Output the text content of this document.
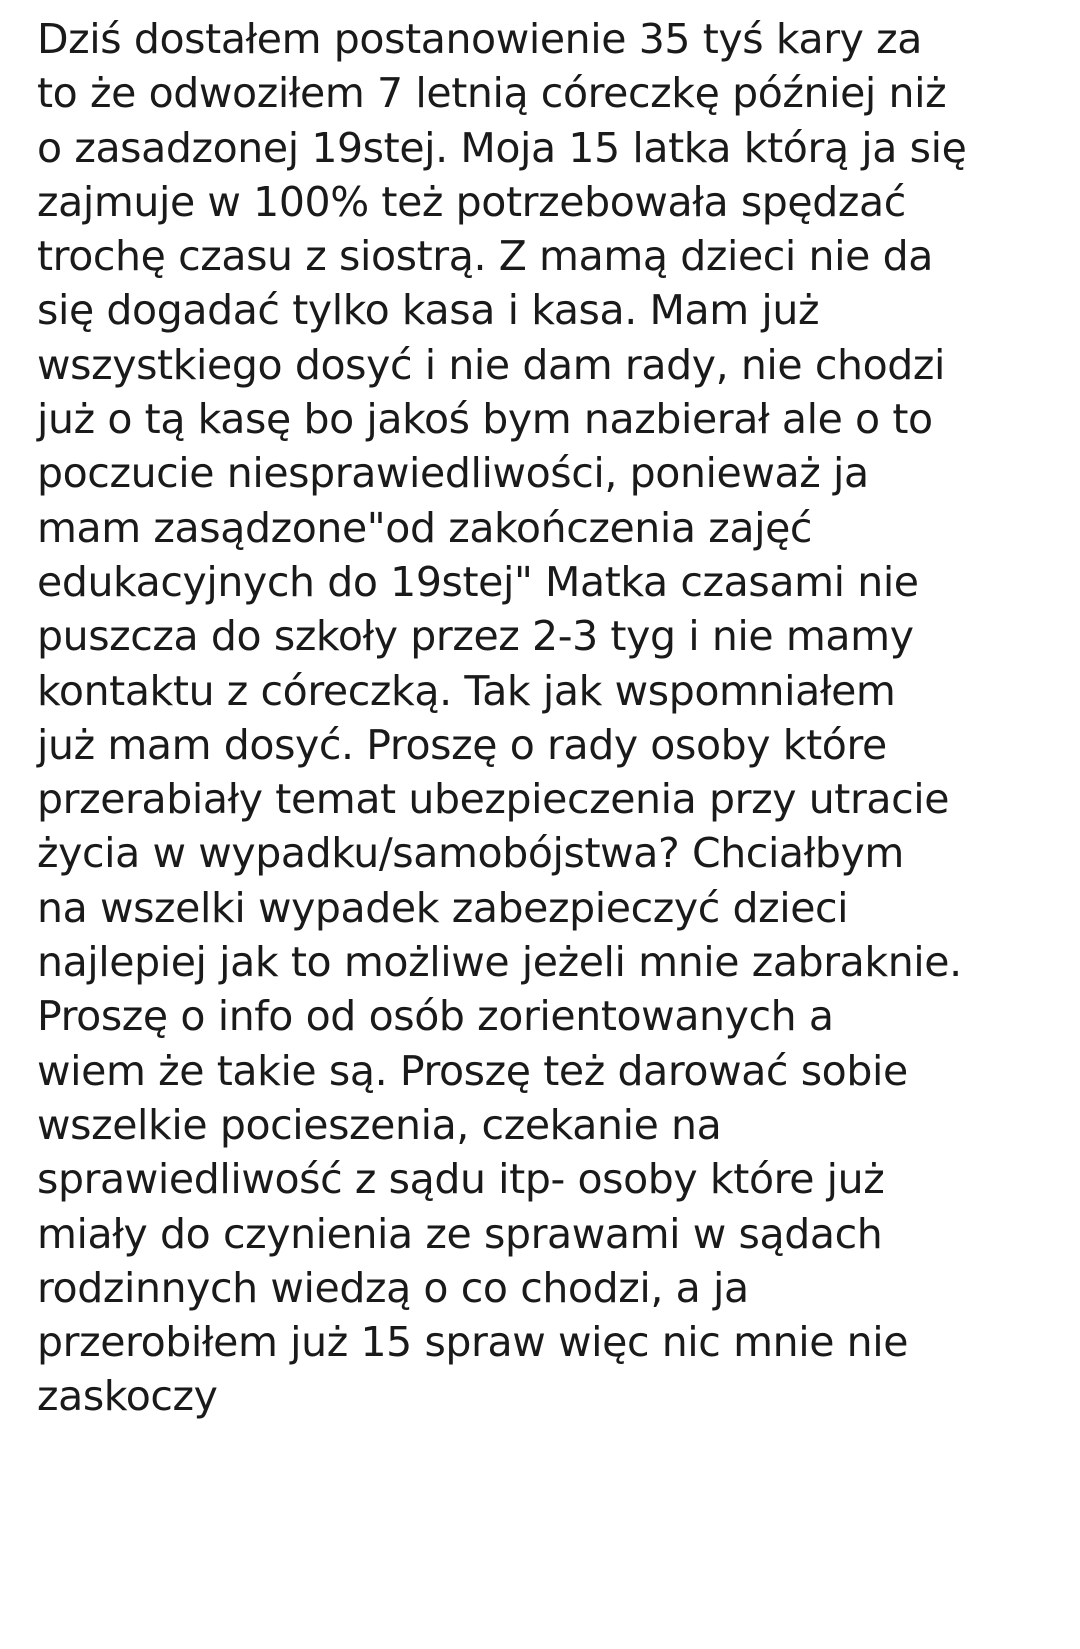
Dziś dostałem postanowienie 35 tyś kary za
to że odwoziłem 7 letnią córeczkę później niż
o zasadzonej 19stej. Moja 15 latka którą ja się
zajmuje w 100% też potrzebowała spędzać
trochę czasu z siostrą. Z mamą dzieci nie da
się dogadać tylko kasa i kasa. Mam już
wszystkiego dosyć i nie dam rady, nie chodzi
już o tą kasę bo jakoś bym nazbierał ale o to
poczucie niesprawiedliwości, ponieważ ja
mam zasądzone"od zakończenia zajęć
edukacyjnych do 19stej" Matka czasami nie
puszcza do szkoły przez 2-3 tyg i nie mamy
kontaktu z córeczką. Tak jak wspomniałem
już mam dosyć. Proszę o rady osoby które
przerabiały temat ubezpieczenia przy utracie
życia w wypadku/samobójstwa? Chciałbym
na wszelki wypadek zabezpieczyć dzieci
najlepiej jak to możliwe jeżeli mnie zabraknie.
Proszę o info od osób zorientowanych a
wiem że takie są. Proszę też darować sobie
wszelkie pocieszenia, czekanie na
sprawiedliwość z sądu itp- osoby które już
miały do czynienia ze sprawami w sądach
rodzinnych wiedzą o co chodzi, a ja
przerobiłem już 15 spraw więc nic mnie nie
zaskoczy
